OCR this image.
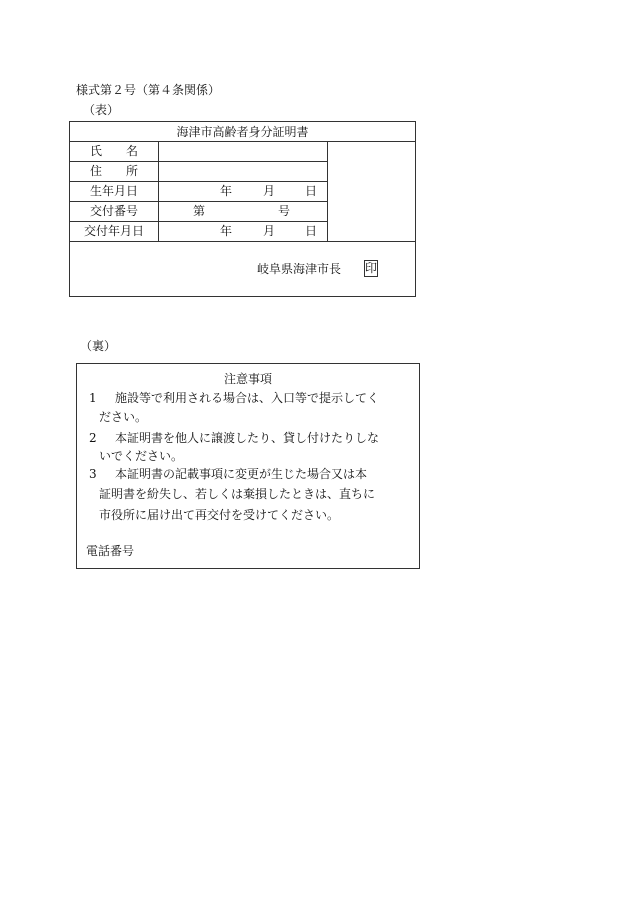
様式第２号（第４条関係）
（表）
海津市高齢者身分証明書
氏　　名
住　　所
生年月日	年	月 日
交付番号	第	号
交付年月日	年	月 日
岐阜県海津市長 印
（裏）
注意事項
1 施設等で利用される場合は、入口等で提示してく
ださい。
2 本証明書を他人に譲渡したり、貸し付けたりしな
いでください。
3 本証明書の記載事項に変更が生じた場合又は本
証明書を紛失し、若しくは棄損したときは、直ちに
市役所に届け出て再交付を受けてください。
電話番号
